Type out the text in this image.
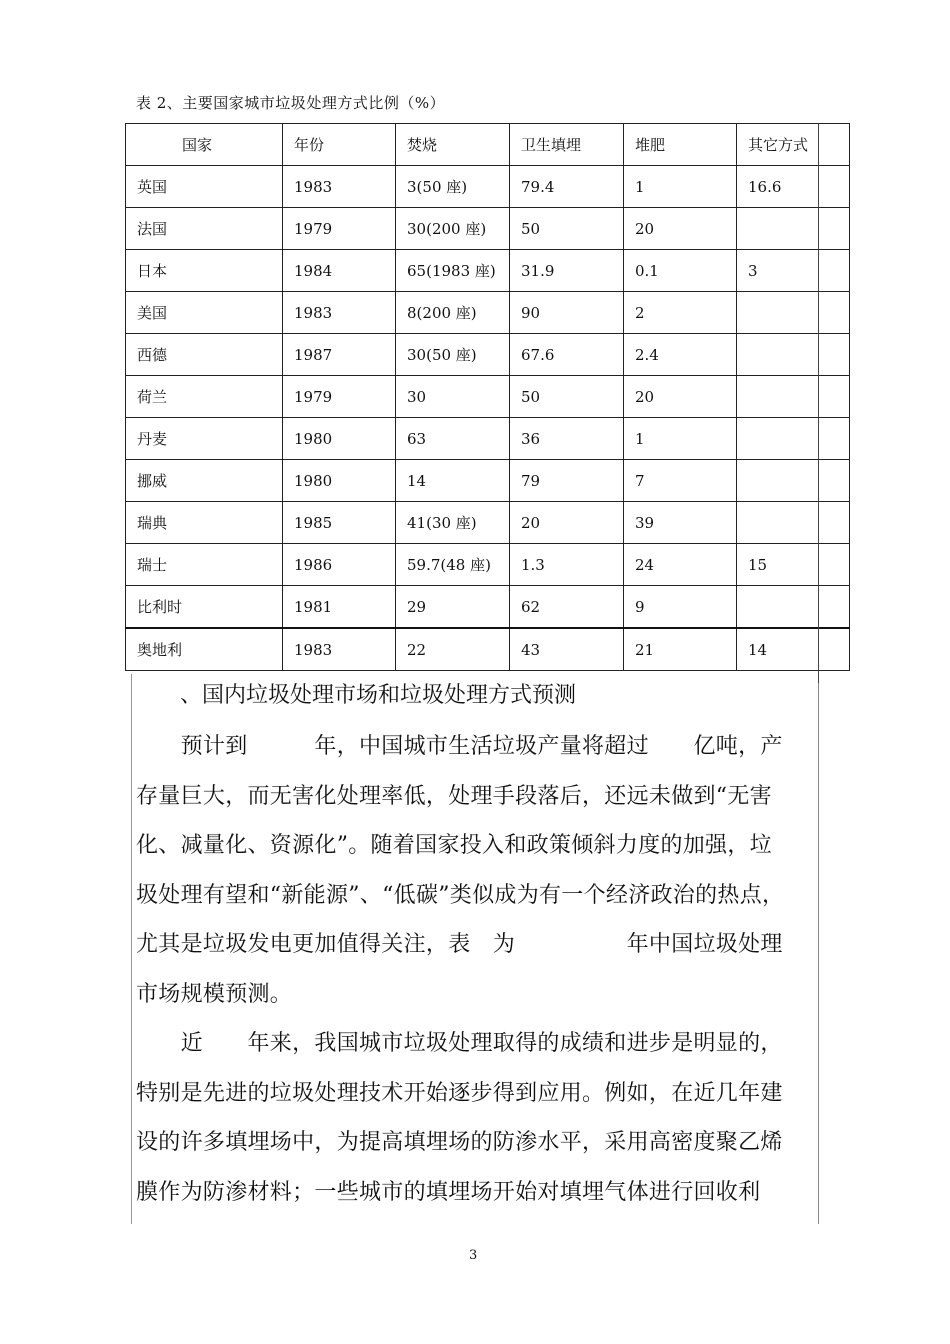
表 2、主要国家城市垃圾处理方式比例（%）
国家	年份	焚烧	卫生填埋	堆肥	其它方式
英国	1983	3(50 座)	79.4	1	16.6
法国	1979	30(200 座)	50	20	
日本	1984	65(1983 座)	31.9	0.1	3
美国	1983	8(200 座)	90	2	
西德	1987	30(50 座)	67.6	2.4	
荷兰	1979	30	50	20	
丹麦	1980	63	36	1	
挪威	1980	14	79	7	
瑞典	1985	41(30 座)	20	39	
瑞士	1986	59.7(48 座)	1.3	24	15
比利时	1981	29	62	9	
奥地利	1983	22	43	21	14
、国内垃圾处理市场和垃圾处理方式预测
　　预计到　　　年，中国城市生活垃圾产量将超过　　亿吨，产
存量巨大，而无害化处理率低，处理手段落后，还远未做到“无害
化、减量化、资源化”。随着国家投入和政策倾斜力度的加强，垃
圾处理有望和“新能源”、“低碳”类似成为有一个经济政治的热点，
尤其是垃圾发电更加值得关注，表　为　　　　　年中国垃圾处理
市场规模预测。
　　近　　年来，我国城市垃圾处理取得的成绩和进步是明显的，
特别是先进的垃圾处理技术开始逐步得到应用。例如，在近几年建
设的许多填埋场中，为提高填埋场的防渗水平，采用高密度聚乙烯
膜作为防渗材料；一些城市的填埋场开始对填埋气体进行回收利
3
